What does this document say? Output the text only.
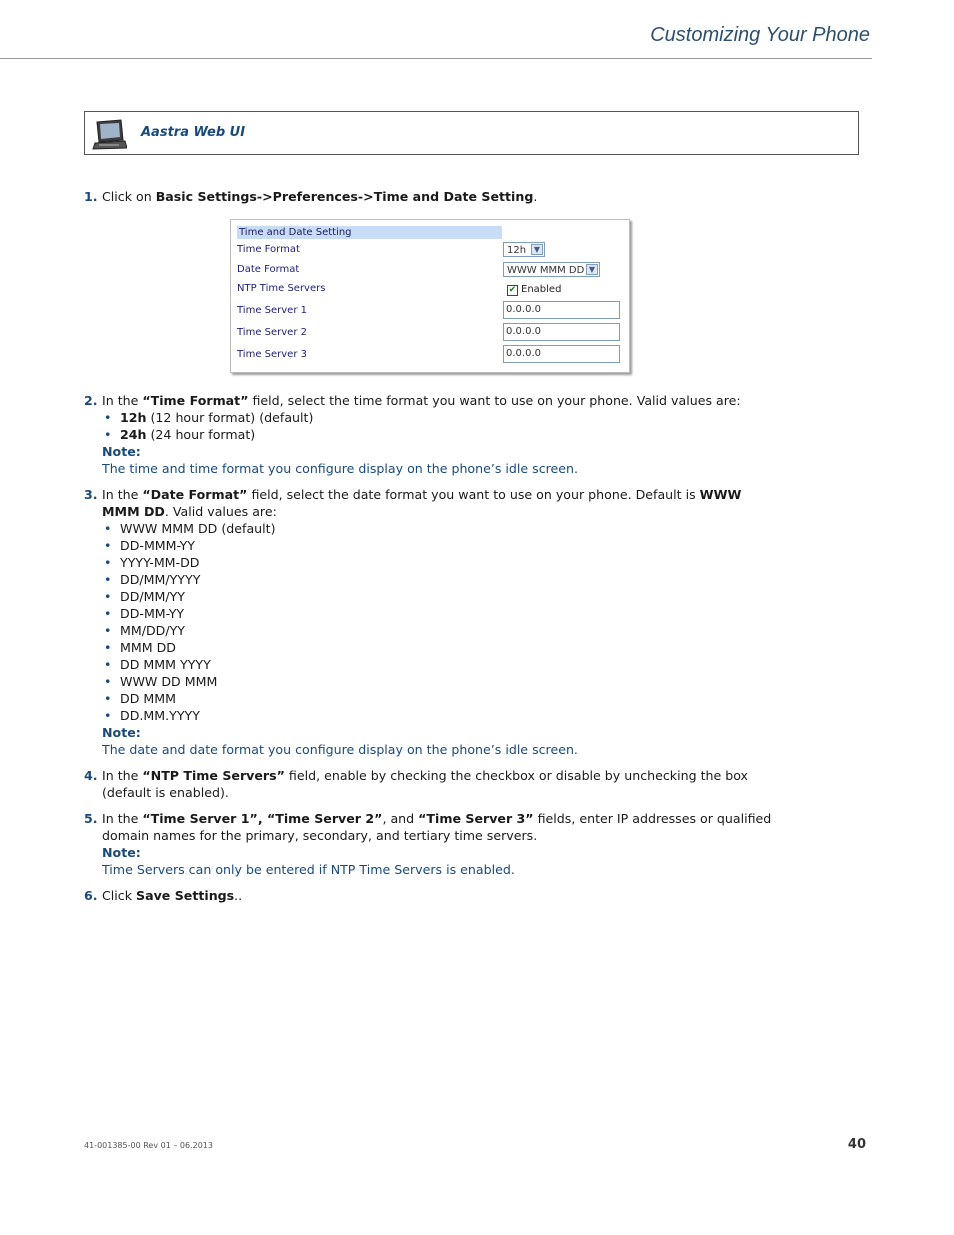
Customizing Your Phone
Aastra Web UI
1. Click on Basic Settings->Preferences->Time and Date Setting.
Time and Date Setting
Time Format	12h ▼
Date Format	WWW MMM DD ▼
NTP Time Servers	✔ Enabled
Time Server 1	0.0.0.0
Time Server 2	0.0.0.0
Time Server 3	0.0.0.0
2. In the “Time Format” field, select the time format you want to use on your phone. Valid values are:
• 12h (12 hour format) (default)
• 24h (24 hour format)
Note:
The time and time format you configure display on the phone’s idle screen.
3. In the “Date Format” field, select the date format you want to use on your phone. Default is WWW MMM DD. Valid values are:
• WWW MMM DD (default)
• DD-MMM-YY
• YYYY-MM-DD
• DD/MM/YYYY
• DD/MM/YY
• DD-MM-YY
• MM/DD/YY
• MMM DD
• DD MMM YYYY
• WWW DD MMM
• DD MMM
• DD.MM.YYYY
Note:
The date and date format you configure display on the phone’s idle screen.
4. In the “NTP Time Servers” field, enable by checking the checkbox or disable by unchecking the box (default is enabled).
5. In the “Time Server 1”, “Time Server 2”, and “Time Server 3” fields, enter IP addresses or qualified domain names for the primary, secondary, and tertiary time servers.
Note:
Time Servers can only be entered if NTP Time Servers is enabled.
6. Click Save Settings..
41-001385-00 Rev 01 – 06.2013	40
